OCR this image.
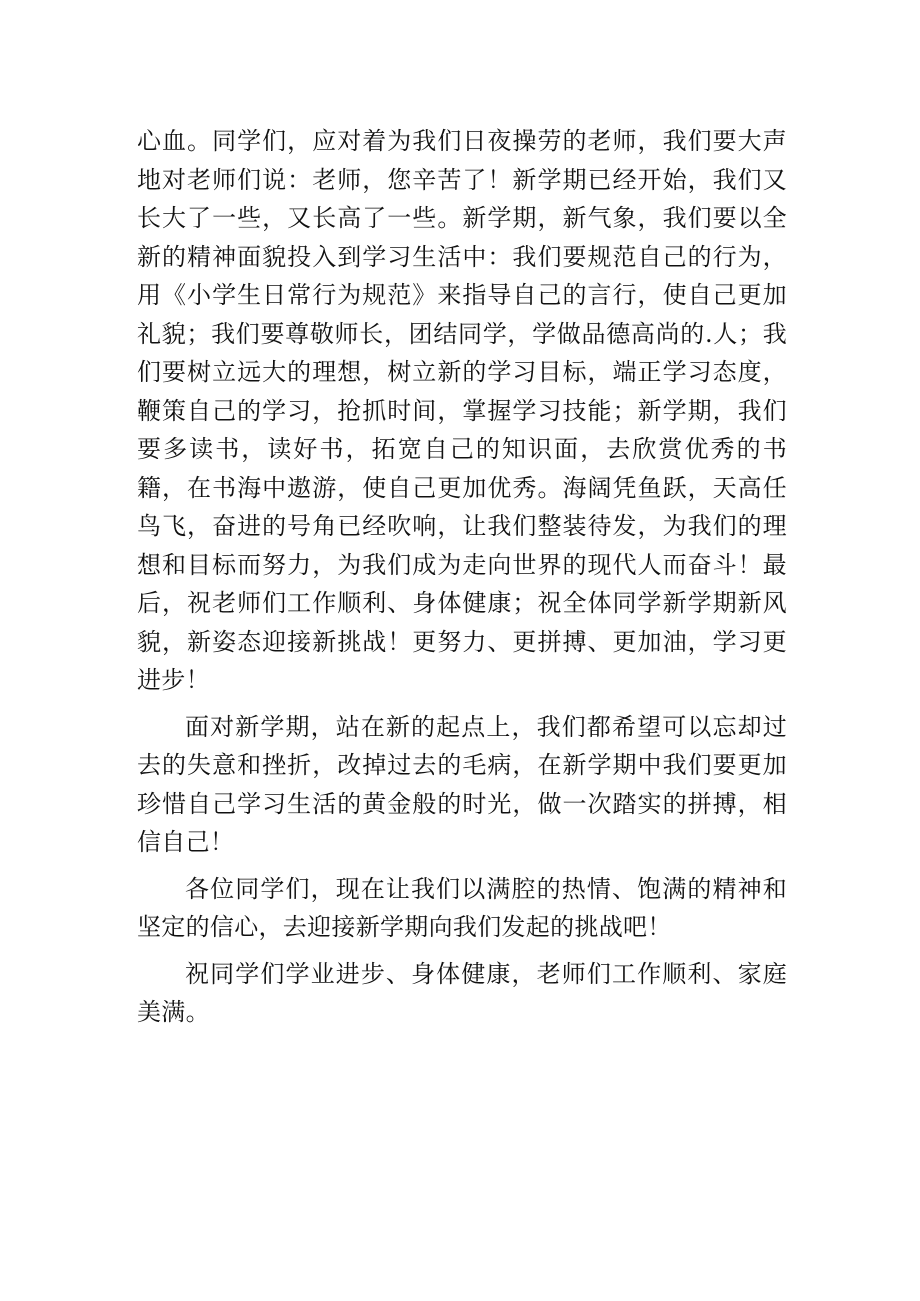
心血。同学们，应对着为我们日夜操劳的老师，我们要大声地对老师们说：老师，您辛苦了！新学期已经开始，我们又长大了一些，又长高了一些。新学期，新气象，我们要以全新的精神面貌投入到学习生活中：我们要规范自己的行为，用《小学生日常行为规范》来指导自己的言行，使自己更加礼貌；我们要尊敬师长，团结同学，学做品德高尚的.人；我们要树立远大的理想，树立新的学习目标，端正学习态度，鞭策自己的学习，抢抓时间，掌握学习技能；新学期，我们要多读书，读好书，拓宽自己的知识面，去欣赏优秀的书籍，在书海中遨游，使自己更加优秀。海阔凭鱼跃，天高任鸟飞，奋进的号角已经吹响，让我们整装待发，为我们的理想和目标而努力，为我们成为走向世界的现代人而奋斗！最后，祝老师们工作顺利、身体健康；祝全体同学新学期新风貌，新姿态迎接新挑战！更努力、更拼搏、更加油，学习更进步！

面对新学期，站在新的起点上，我们都希望可以忘却过去的失意和挫折，改掉过去的毛病，在新学期中我们要更加珍惜自己学习生活的黄金般的时光，做一次踏实的拼搏，相信自己！

各位同学们，现在让我们以满腔的热情、饱满的精神和坚定的信心，去迎接新学期向我们发起的挑战吧！

祝同学们学业进步、身体健康，老师们工作顺利、家庭美满。
